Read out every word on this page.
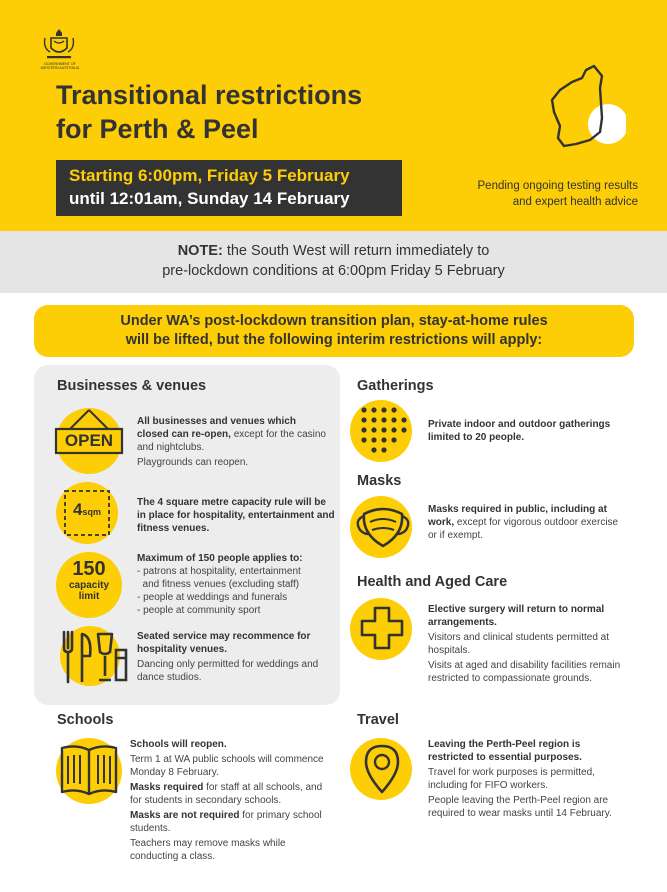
GOVERNMENT OF WESTERN AUSTRALIA
Transitional restrictions
for Perth & Peel
Starting 6:00pm, Friday 5 February
until 12:01am, Sunday 14 February
Pending ongoing testing results
and expert health advice
NOTE: the South West will return immediately to
pre-lockdown conditions at 6:00pm Friday 5 February
Under WA’s post-lockdown transition plan, stay-at-home rules
will be lifted, but the following interim restrictions will apply:
Businesses & venues
OPEN

All businesses and venues which closed can re-open, except for the casino and nightclubs.

Playgrounds can reopen.

4sqm

The 4 square metre capacity rule will be in place for hospitality, entertainment and fitness venues.

150
capacity
limit

Maximum of 150 people applies to:

- patrons at hospitality, entertainment
and fitness venues (excluding staff)
- people at weddings and funerals
- people at community sport

Seated service may recommence for hospitality venues.

Dancing only permitted for weddings and dance studios.

Schools

Schools will reopen.

Term 1 at WA public schools will commence Monday 8 February.

Masks required for staff at all schools, and for students in secondary schools.

Masks are not required for primary school students.

Teachers may remove masks while conducting a class.

Gatherings

Private indoor and outdoor gatherings limited to 20 people.

Masks

Masks required in public, including at work, except for vigorous outdoor exercise or if exempt.

Health and Aged Care

Elective surgery will return to normal arrangements.

Visitors and clinical students permitted at hospitals.

Visits at aged and disability facilities remain restricted to compassionate grounds.

Travel

Leaving the Perth-Peel region is restricted to essential purposes.

Travel for work purposes is permitted, including for FIFO workers.

People leaving the Perth-Peel region are required to wear masks until 14 February.
